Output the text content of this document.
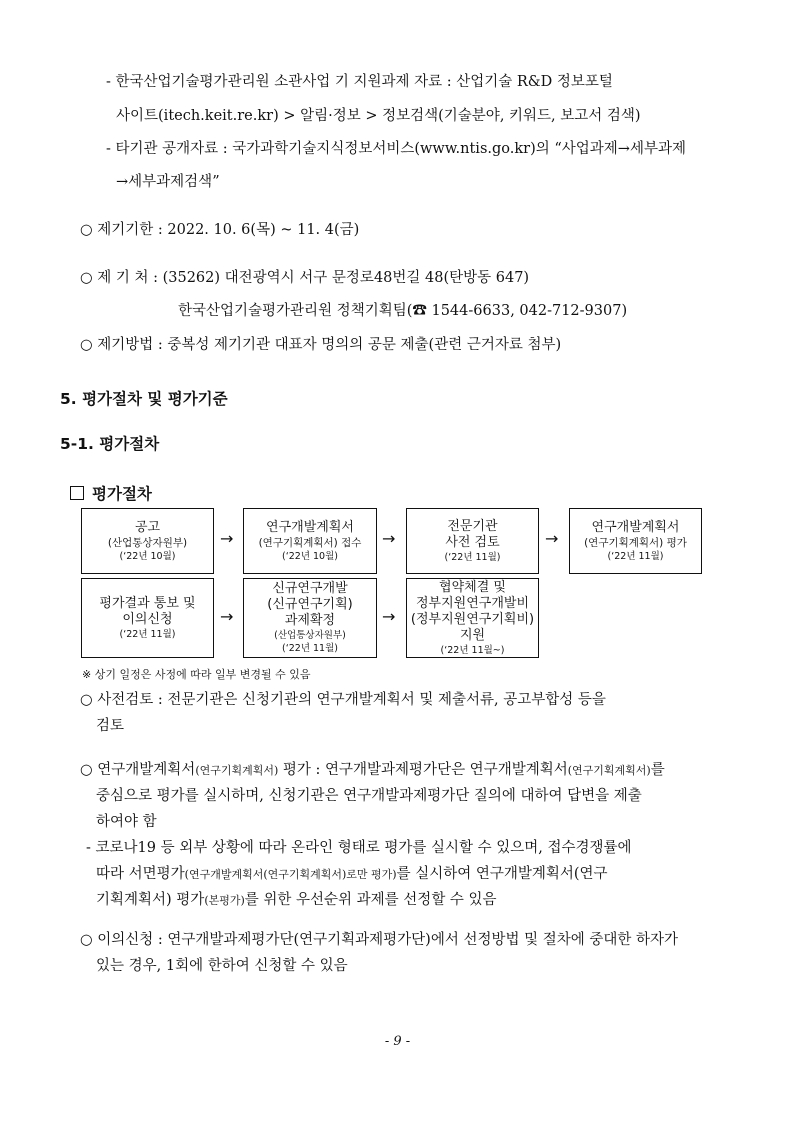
- 한국산업기술평가관리원 소관사업 기 지원과제 자료 : 산업기술 R&D 정보포털
사이트(itech.keit.re.kr) > 알림·정보 > 정보검색(기술분야, 키워드, 보고서 검색)
- 타기관 공개자료 : 국가과학기술지식정보서비스(www.ntis.go.kr)의 “사업과제→세부과제
→세부과제검색”
○ 제기기한 : 2022. 10. 6(목) ~ 11. 4(금)
○ 제 기 처 : (35262) 대전광역시 서구 문정로48번길 48(탄방동 647)
한국산업기술평가관리원 정책기획팀(☎ 1544-6633, 042-712-9307)
○ 제기방법 : 중복성 제기기관 대표자 명의의 공문 제출(관련 근거자료 첨부)
5. 평가절차 및 평가기준
5-1. 평가절차
평가절차
공고
(산업통상자원부)
(‘22년 10월)
→
연구개발계획서
(연구기획계획서) 접수
(‘22년 10월)
→
전문기관
사전 검토
(‘22년 11월)
→
연구개발계획서
(연구기획계획서) 평가
(‘22년 11월)
평가결과 통보 및
이의신청
(‘22년 11월)
→
신규연구개발
(신규연구기획)
과제확정
(산업통상자원부)
(‘22년 11월)
→
협약체결 및
정부지원연구개발비
(정부지원연구기획비)
지원
(‘22년 11월~)
※ 상기 일정은 사정에 따라 일부 변경될 수 있음
○ 사전검토 : 전문기관은 신청기관의 연구개발계획서 및 제출서류, 공고부합성 등을
검토
○ 연구개발계획서(연구기획계획서) 평가 : 연구개발과제평가단은 연구개발계획서(연구기획계획서)를
중심으로 평가를 실시하며, 신청기관은 연구개발과제평가단 질의에 대하여 답변을 제출
하여야 함
- 코로나19 등 외부 상황에 따라 온라인 형태로 평가를 실시할 수 있으며, 접수경쟁률에
따라 서면평가(연구개발계획서(연구기획계획서)로만 평가)를 실시하여 연구개발계획서(연구
기획계획서) 평가(본평가)를 위한 우선순위 과제를 선정할 수 있음
○ 이의신청 : 연구개발과제평가단(연구기획과제평가단)에서 선정방법 및 절차에 중대한 하자가
있는 경우, 1회에 한하여 신청할 수 있음
- 9 -
